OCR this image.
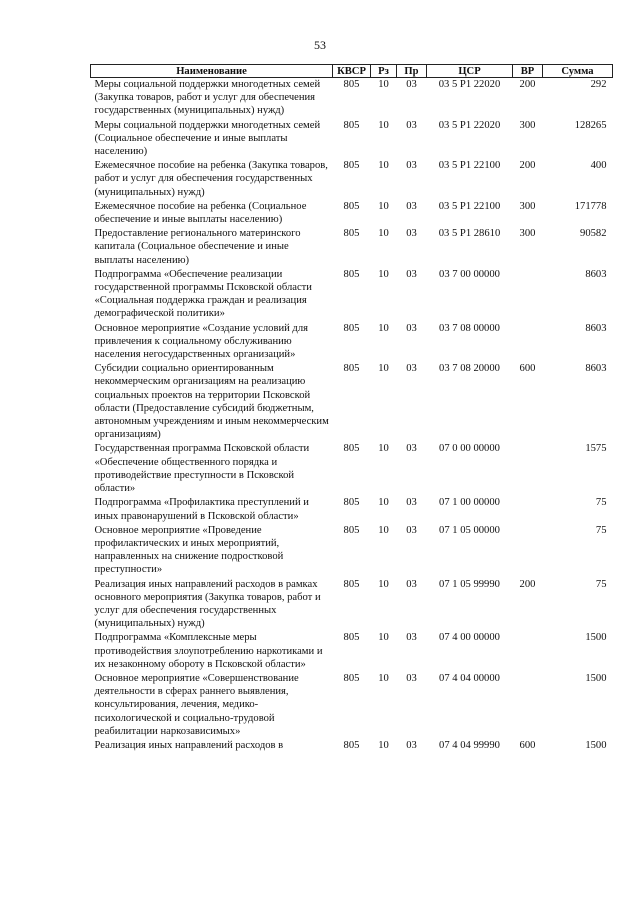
53
Наименование	КВСР	Рз	Пр	ЦСР	ВР	Сумма
Меры социальной поддержки многодетных семей (Закупка товаров, работ и услуг для обеспечения государственных (муниципальных) нужд)	805	10	03	03 5 P1 22020	200	292
Меры социальной поддержки многодетных семей (Социальное обеспечение и иные выплаты населению)	805	10	03	03 5 P1 22020	300	128265
Ежемесячное пособие на ребенка (Закупка товаров, работ и услуг для обеспечения государственных (муниципальных) нужд)	805	10	03	03 5 P1 22100	200	400
Ежемесячное пособие на ребенка (Социальное обеспечение и иные выплаты населению)	805	10	03	03 5 P1 22100	300	171778
Предоставление регионального материнского капитала (Социальное обеспечение и иные выплаты населению)	805	10	03	03 5 P1 28610	300	90582
Подпрограмма «Обеспечение реализации государственной программы Псковской области «Социальная поддержка граждан и реализация демографической политики»	805	10	03	03 7 00 00000		8603
Основное мероприятие «Создание условий для привлечения к социальному обслуживанию населения негосударственных организаций»	805	10	03	03 7 08 00000		8603
Субсидии социально ориентированным некоммерческим организациям на реализацию социальных проектов на территории Псковской области (Предоставление субсидий бюджетным, автономным учреждениям и иным некоммерческим организациям)	805	10	03	03 7 08 20000	600	8603
Государственная программа Псковской области «Обеспечение общественного порядка и противодействие преступности в Псковской области»	805	10	03	07 0 00 00000		1575
Подпрограмма «Профилактика преступлений и иных правонарушений в Псковской области»	805	10	03	07 1 00 00000		75
Основное мероприятие «Проведение профилактических и иных мероприятий, направленных на снижение подростковой преступности»	805	10	03	07 1 05 00000		75
Реализация иных направлений расходов в рамках основного мероприятия (Закупка товаров, работ и услуг для обеспечения государственных (муниципальных) нужд)	805	10	03	07 1 05 99990	200	75
Подпрограмма «Комплексные меры противодействия злоупотреблению наркотиками и их незаконному обороту в Псковской области»	805	10	03	07 4 00 00000		1500
Основное мероприятие «Совершенствование деятельности в сферах раннего выявления, консультирования, лечения, медико-психологической и социально-трудовой реабилитации наркозависимых»	805	10	03	07 4 04 00000		1500
Реализация иных направлений расходов в	805	10	03	07 4 04 99990	600	1500
